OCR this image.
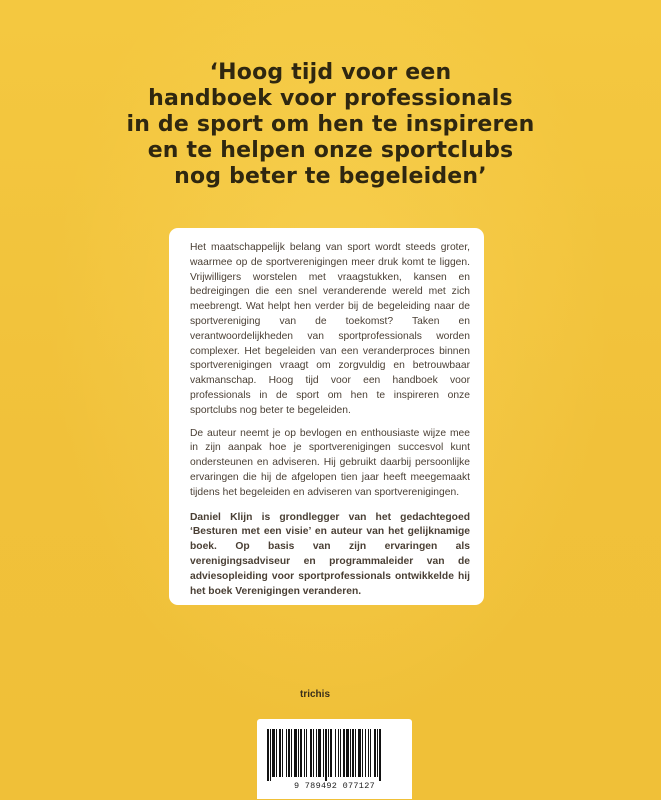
‘Hoog tijd voor een
handboek voor professionals
in de sport om hen te inspireren
en te helpen onze sportclubs
nog beter te begeleiden’

Het maatschappelijk belang van sport wordt steeds groter, waarmee op de sportverenigingen meer druk komt te liggen. Vrijwilligers worstelen met vraagstukken, kansen en bedreigingen die een snel veranderende wereld met zich meebrengt. Wat helpt hen verder bij de begeleiding naar de sportvereniging van de toekomst? Taken en verantwoordelijkheden van sportprofessionals worden complexer. Het begeleiden van een veranderproces binnen sportverenigingen vraagt om zorgvuldig en betrouwbaar vakmanschap. Hoog tijd voor een handboek voor professionals in de sport om hen te inspireren onze sportclubs nog beter te begeleiden.

De auteur neemt je op bevlogen en enthousiaste wijze mee in zijn aanpak hoe je sportverenigingen succesvol kunt ondersteunen en adviseren. Hij gebruikt daarbij persoonlijke ervaringen die hij de afgelopen tien jaar heeft meegemaakt tijdens het begeleiden en adviseren van sportverenigingen.

Daniel Klijn is grondlegger van het gedachtegoed ‘Besturen met een visie’ en auteur van het gelijknamige boek. Op basis van zijn ervaringen als verenigingsadviseur en programmaleider van de adviesopleiding voor sportprofessionals ontwikkelde hij het boek Verenigingen veranderen.

trichis
9 789492 077127
